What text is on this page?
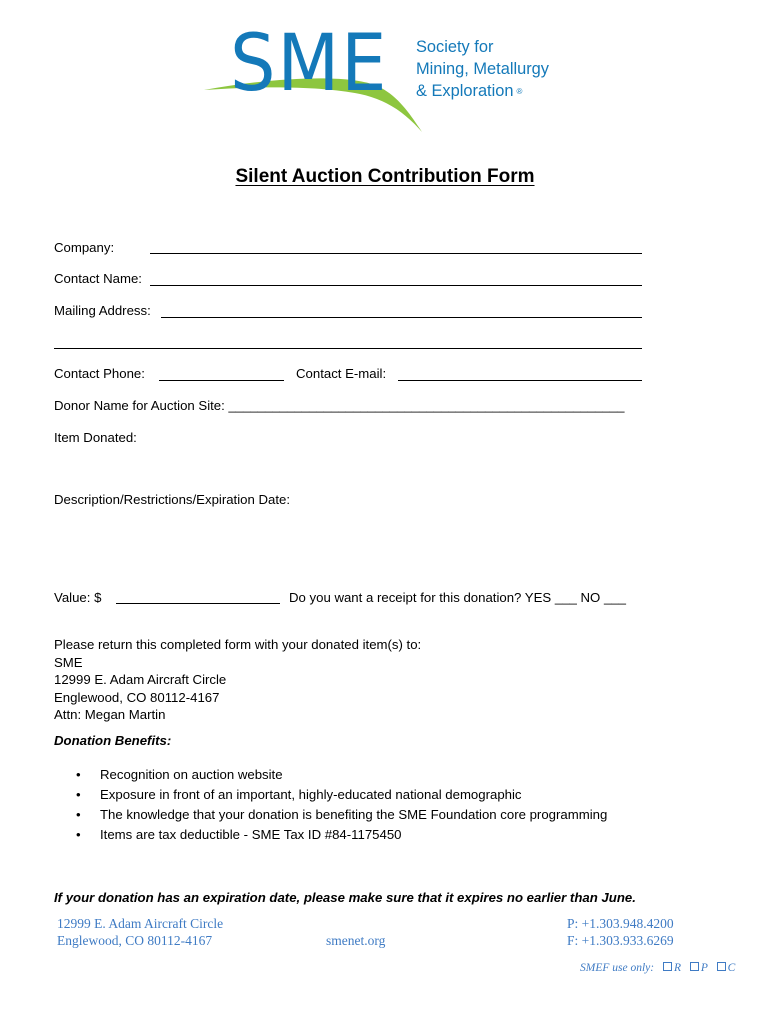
SME Society for
Mining, Metallurgy
& Exploration ®
Silent Auction Contribution Form
Company:
Contact Name:
Mailing Address:
Contact Phone:	Contact E-mail:
Donor Name for Auction Site: ______________________________________________________
Item Donated:
Description/Restrictions/Expiration Date:
Value: $	Do you want a receipt for this donation? YES ___ NO ___
Please return this completed form with your donated item(s) to:
SME
12999 E. Adam Aircraft Circle
Englewood, CO 80112-4167
Attn: Megan Martin
Donation Benefits:
• Recognition on auction website
• Exposure in front of an important, highly-educated national demographic
• The knowledge that your donation is benefiting the SME Foundation core programming
• Items are tax deductible - SME Tax ID #84-1175450
If your donation has an expiration date, please make sure that it expires no earlier than June.
12999 E. Adam Aircraft Circle
Englewood, CO 80112-4167	smenet.org
P: +1.303.948.4200
F: +1.303.933.6269
SMEF use only: R P C
